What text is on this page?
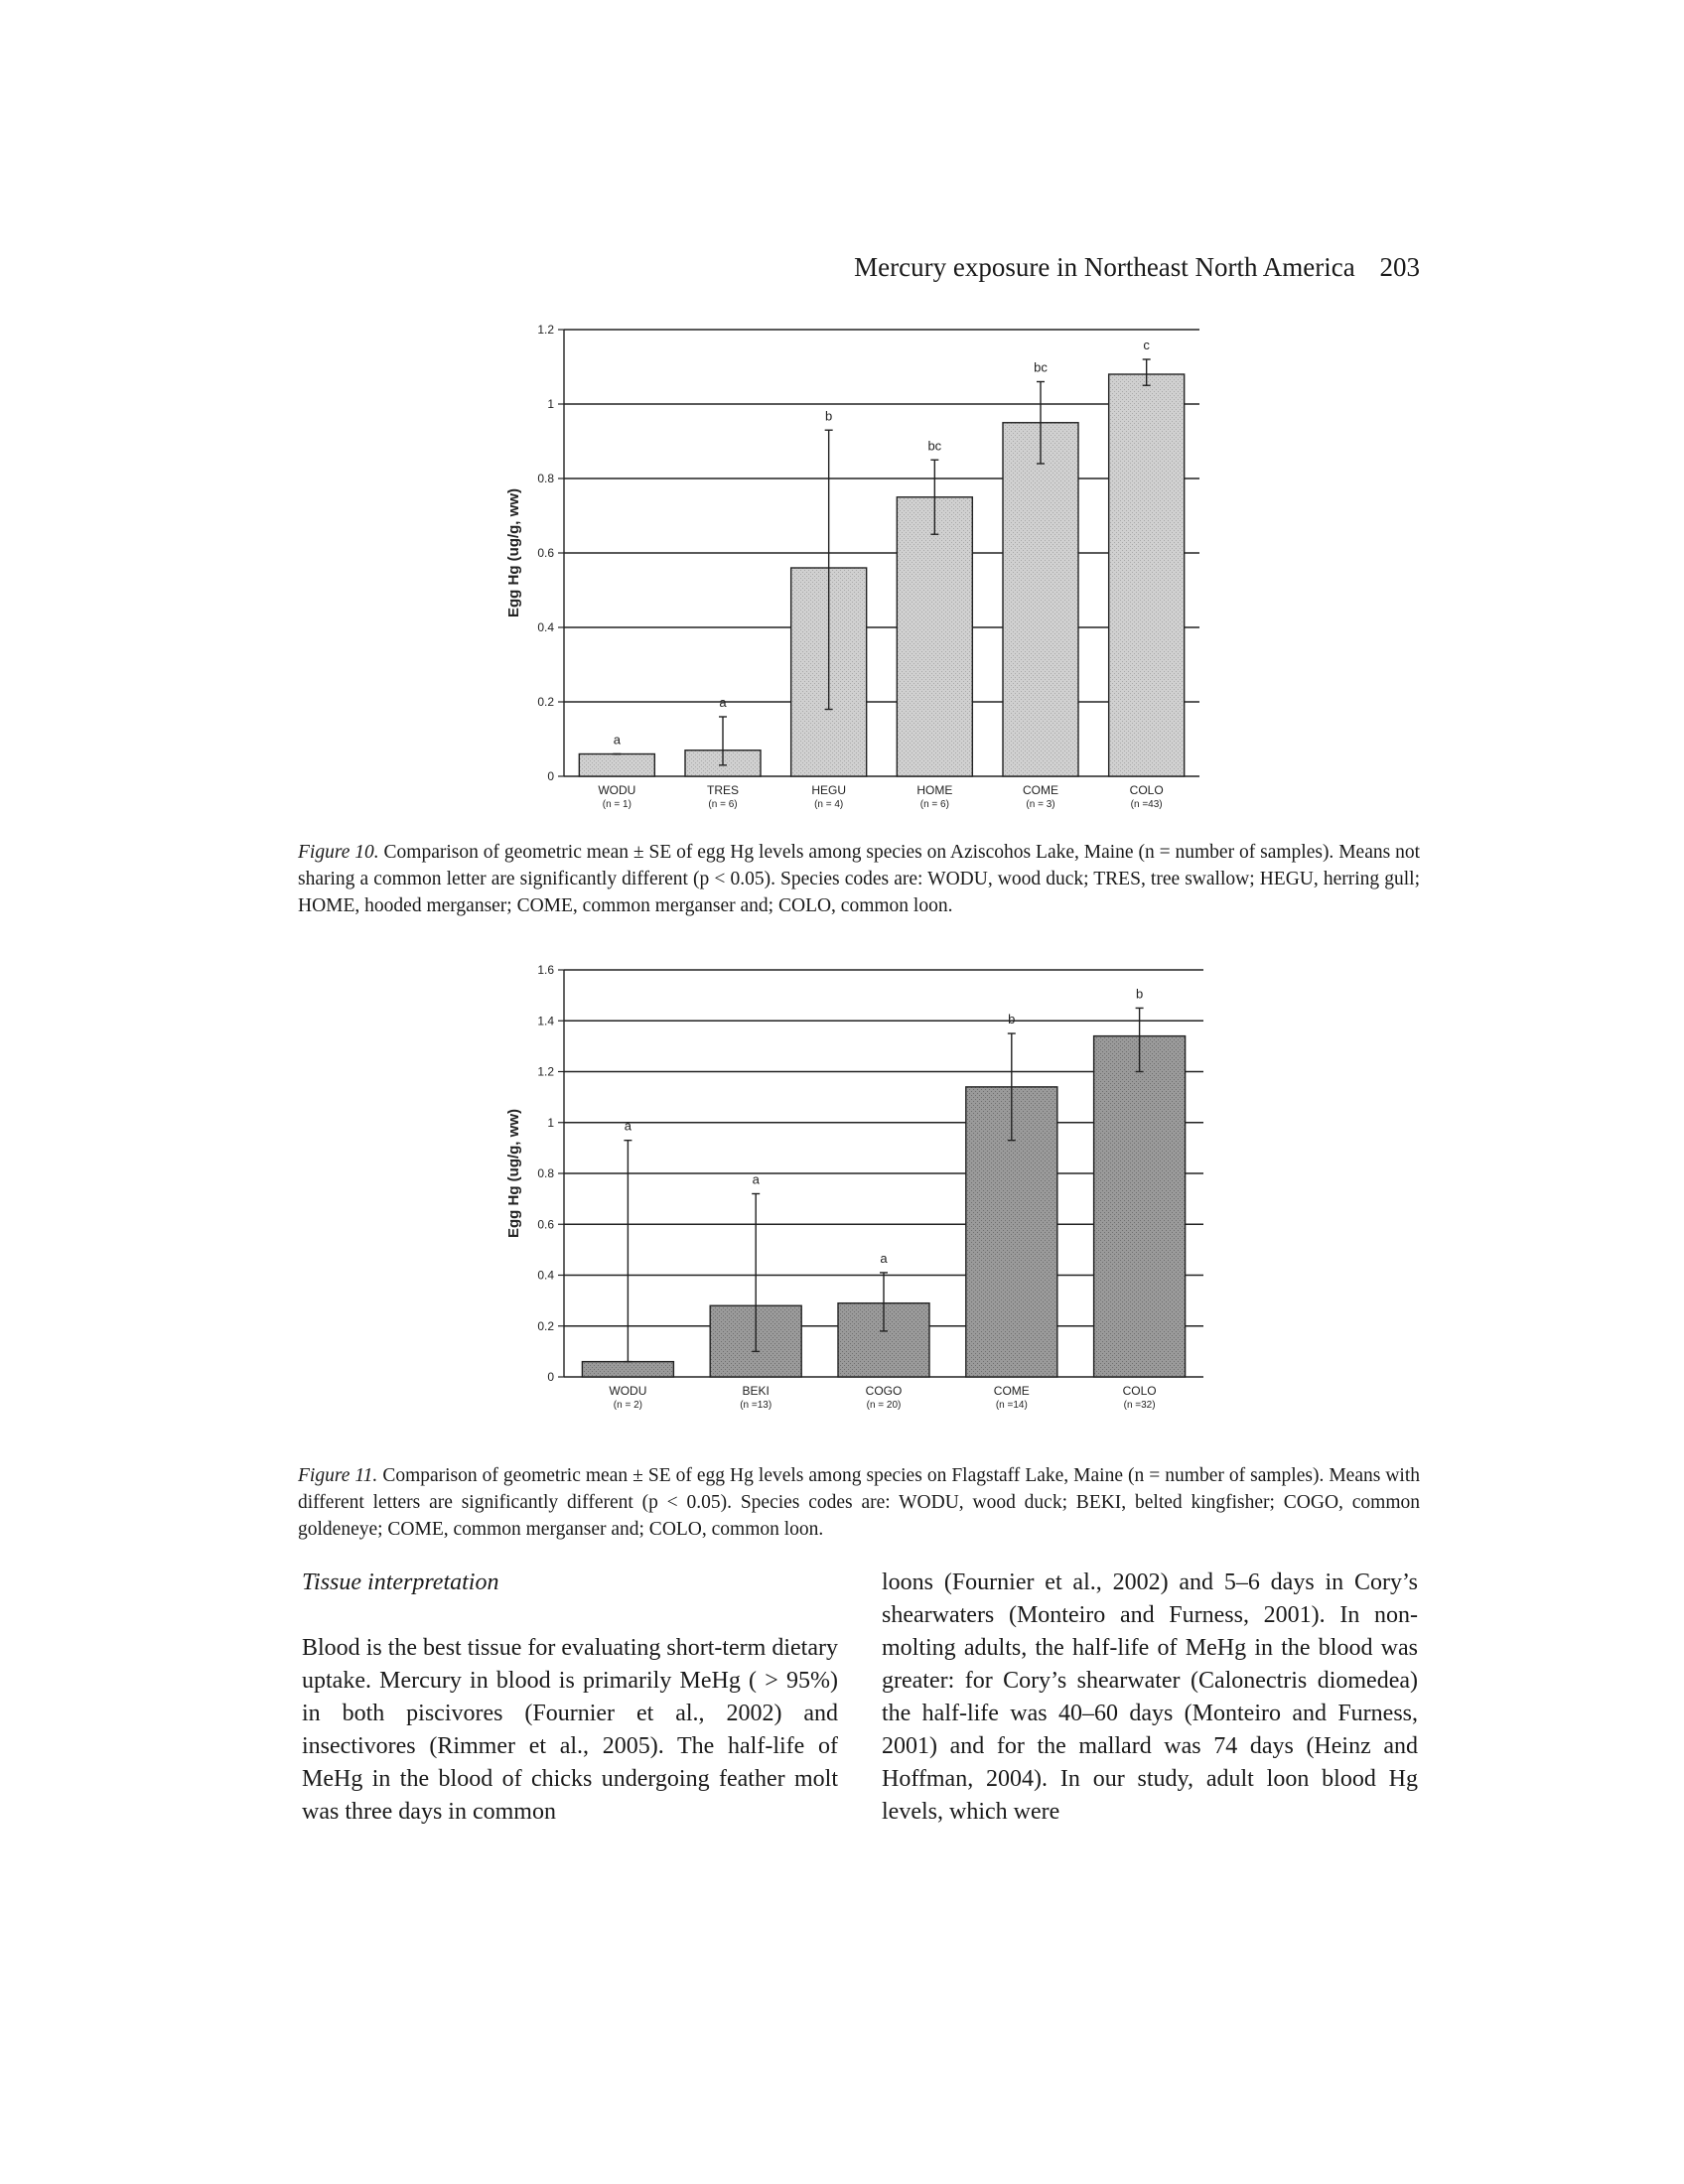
Mercury exposure in Northeast North America 203
0
0.2
0.4
0.6
0.8
1
1.2
Egg Hg (ug/g, ww)
a
a
b
bc
bc
c
WODU
(n = 1)
TRES
(n = 6)
HEGU
(n = 4)
HOME
(n = 6)
COME
(n = 3)
COLO
(n =43)
Figure 10. Comparison of geometric mean ± SE of egg Hg levels among species on Aziscohos Lake, Maine (n = number of samples). Means not sharing a common letter are significantly different (p < 0.05). Species codes are: WODU, wood duck; TRES, tree swallow; HEGU, herring gull; HOME, hooded merganser; COME, common merganser and; COLO, common loon.
0
0.2
0.4
0.6
0.8
1
1.2
1.4
1.6
Egg Hg (ug/g, ww)	a
a
a
b
b
WODU
(n = 2)
BEKI
(n =13)
COGO
(n = 20)
COME
(n =14)
COLO
(n =32)
Figure 11. Comparison of geometric mean ± SE of egg Hg levels among species on Flagstaff Lake, Maine (n = number of samples). Means with different letters are significantly different (p < 0.05). Species codes are: WODU, wood duck; BEKI, belted kingfisher; COGO, common goldeneye; COME, common merganser and; COLO, common loon.

Tissue interpretation

Blood is the best tissue for evaluating short-term dietary uptake. Mercury in blood is primarily MeHg ( > 95%) in both piscivores (Fournier et al., 2002) and insectivores (Rimmer et al., 2005). The half-life of MeHg in the blood of chicks undergoing feather molt was three days in common

loons (Fournier et al., 2002) and 5–6 days in Cory’s shearwaters (Monteiro and Furness, 2001). In non-molting adults, the half-life of MeHg in the blood was greater: for Cory’s shearwater (Calonectris diomedea) the half-life was 40–60 days (Monteiro and Furness, 2001) and for the mallard was 74 days (Heinz and Hoffman, 2004). In our study, adult loon blood Hg levels, which were
